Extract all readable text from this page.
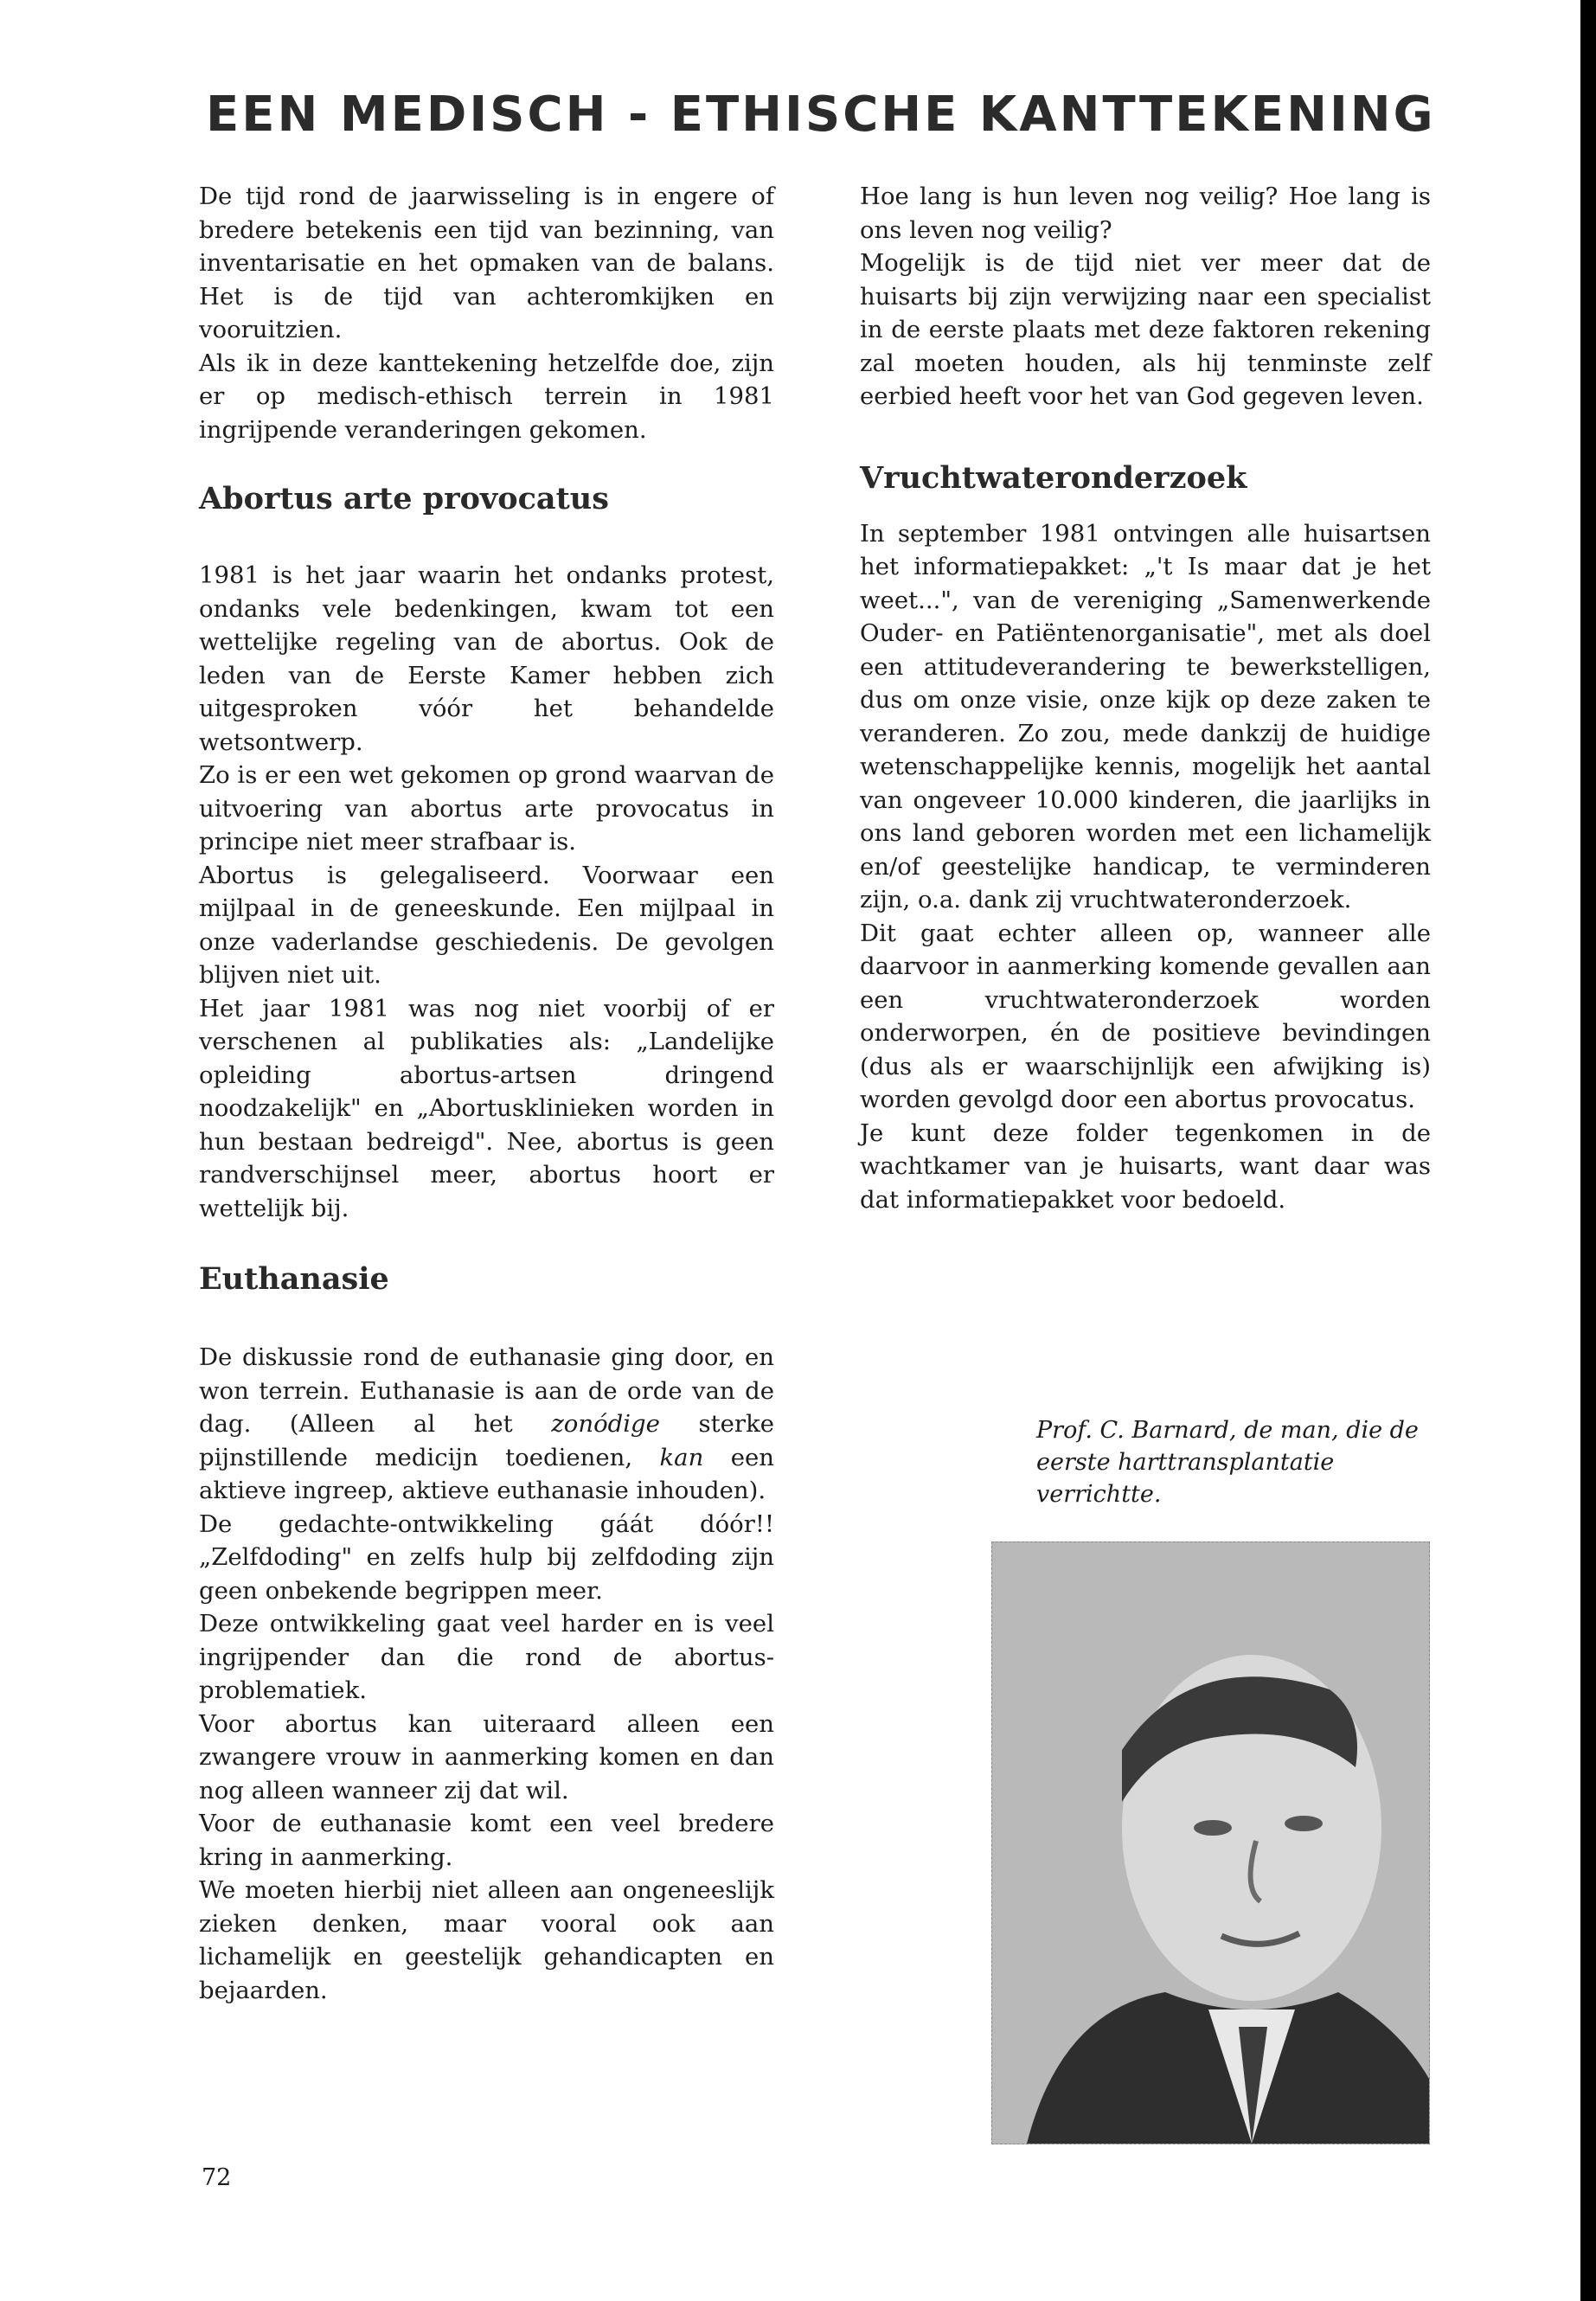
EEN MEDISCH - ETHISCHE KANTTEKENING

De tijd rond de jaarwisseling is in engere of bredere betekenis een tijd van bezinning, van inventarisatie en het opmaken van de balans. Het is de tijd van achteromkijken en vooruitzien.

Als ik in deze kanttekening hetzelfde doe, zijn er op medisch-ethisch terrein in 1981 ingrijpende veranderingen gekomen.

Abortus arte provocatus

1981 is het jaar waarin het ondanks protest, ondanks vele bedenkingen, kwam tot een wettelijke regeling van de abortus. Ook de leden van de Eerste Kamer hebben zich uitgesproken vóór het behandelde wetsontwerp.

Zo is er een wet gekomen op grond waarvan de uitvoering van abortus arte provocatus in principe niet meer strafbaar is.

Abortus is gelegaliseerd. Voorwaar een mijlpaal in de geneeskunde. Een mijlpaal in onze vaderlandse geschiedenis. De gevolgen blijven niet uit.

Het jaar 1981 was nog niet voorbij of er verschenen al publikaties als: „Landelijke opleiding abortus-artsen dringend noodzakelijk" en „Abortusklinieken worden in hun bestaan bedreigd". Nee, abortus is geen randverschijnsel meer, abortus hoort er wettelijk bij.

Euthanasie

De diskussie rond de euthanasie ging door, en won terrein. Euthanasie is aan de orde van de dag. (Alleen al het zonódige sterke pijnstillende medicijn toedienen, kan een aktieve ingreep, aktieve euthanasie inhouden).

De gedachte-ontwikkeling gáát dóór!! „Zelfdoding" en zelfs hulp bij zelfdoding zijn geen onbekende begrippen meer.

Deze ontwikkeling gaat veel harder en is veel ingrijpender dan die rond de abortus-problematiek.

Voor abortus kan uiteraard alleen een zwangere vrouw in aanmerking komen en dan nog alleen wanneer zij dat wil.

Voor de euthanasie komt een veel bredere kring in aanmerking.

We moeten hierbij niet alleen aan ongeneeslijk zieken denken, maar vooral ook aan lichamelijk en geestelijk gehandicapten en bejaarden.

Hoe lang is hun leven nog veilig? Hoe lang is ons leven nog veilig?

Mogelijk is de tijd niet ver meer dat de huisarts bij zijn verwijzing naar een specialist in de eerste plaats met deze faktoren rekening zal moeten houden, als hij tenminste zelf eerbied heeft voor het van God gegeven leven.

Vruchtwateronderzoek

In september 1981 ontvingen alle huisartsen het informatiepakket: „'t Is maar dat je het weet...", van de vereniging „Samenwerkende Ouder- en Patiëntenorganisatie", met als doel een attitudeverandering te bewerkstelligen, dus om onze visie, onze kijk op deze zaken te veranderen. Zo zou, mede dankzij de huidige wetenschappelijke kennis, mogelijk het aantal van ongeveer 10.000 kinderen, die jaarlijks in ons land geboren worden met een lichamelijk en/of geestelijke handicap, te verminderen zijn, o.a. dank zij vruchtwateronderzoek.

Dit gaat echter alleen op, wanneer alle daarvoor in aanmerking komende gevallen aan een vruchtwateronderzoek worden onderworpen, én de positieve bevindingen (dus als er waarschijnlijk een afwijking is) worden gevolgd door een abortus provocatus.

Je kunt deze folder tegenkomen in de wachtkamer van je huisarts, want daar was dat informatiepakket voor bedoeld.

Prof. C. Barnard, de man, die de eerste harttransplantatie verrichtte.

72
